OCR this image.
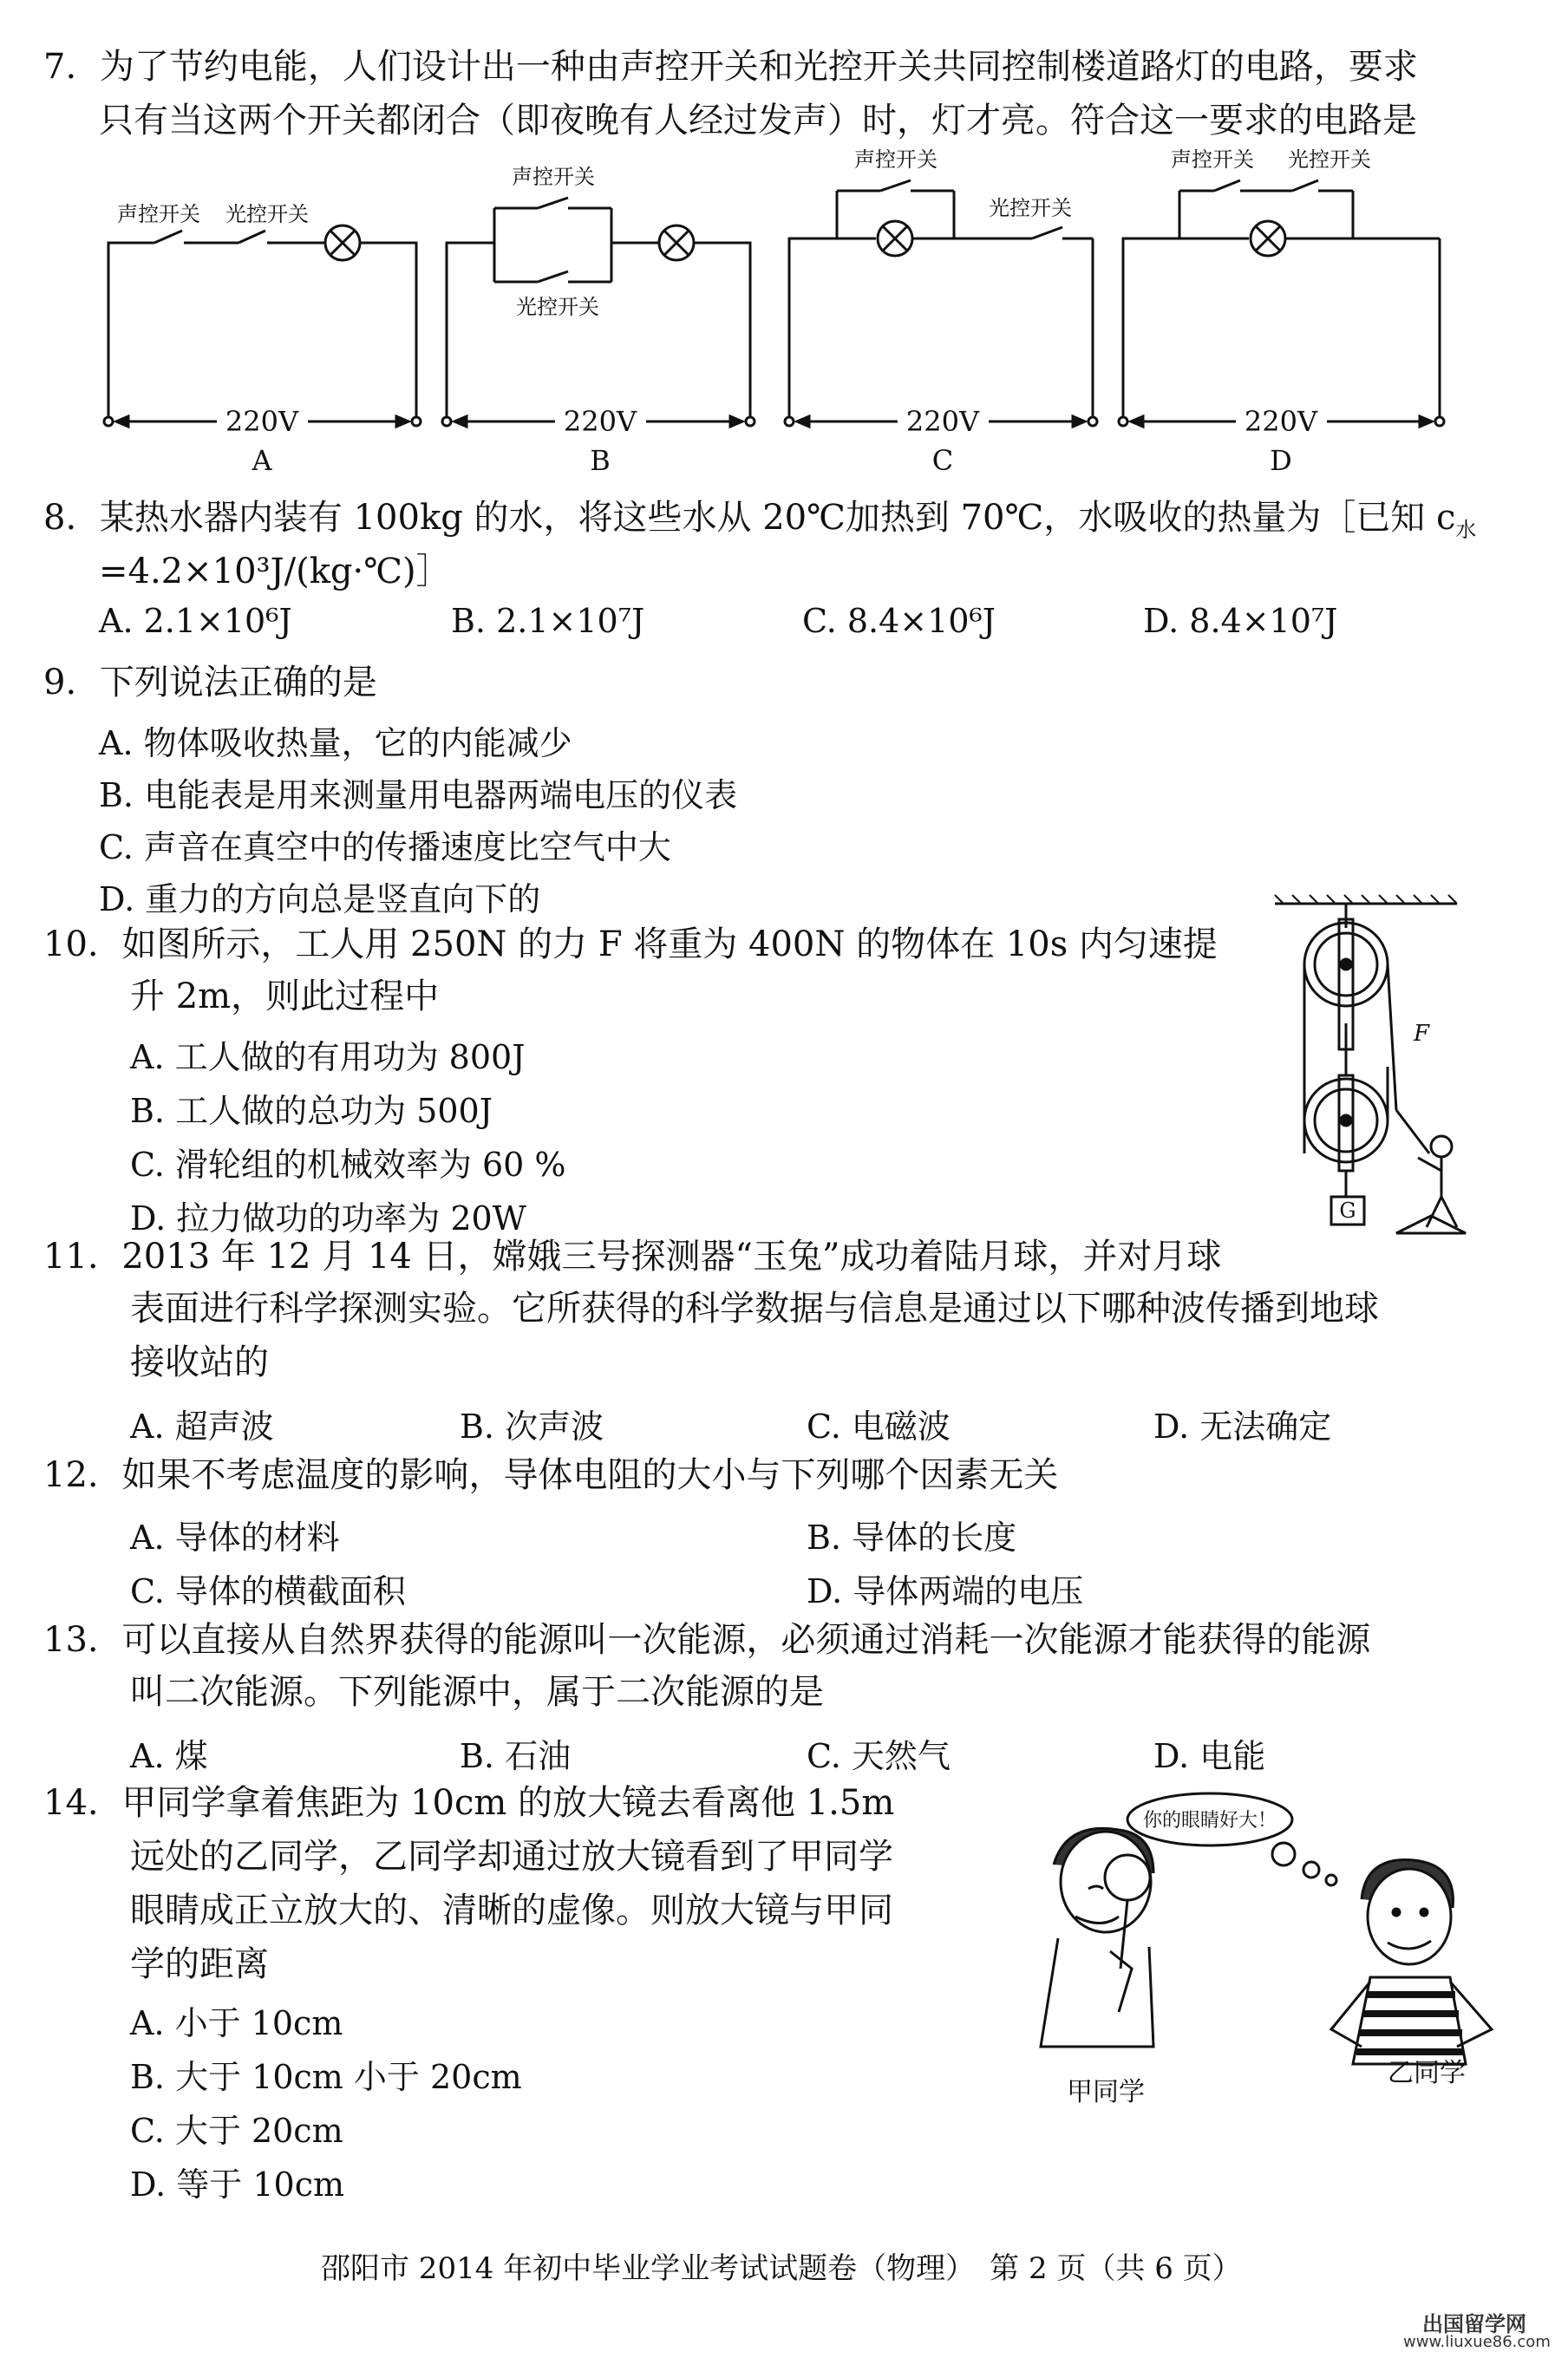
7. 为了节约电能，人们设计出一种由声控开关和光控开关共同控制楼道路灯的电路，要求
只有当这两个开关都闭合（即夜晚有人经过发声）时，灯才亮。符合这一要求的电路是
声控开关 光控开关
声控开关
光控开关
声控开关
光控开关
声控开关 光控开关
220V	220V	220V	220V
A	B	C	D
8. 某热水器内装有 100kg 的水，将这些水从 20℃加热到 70℃，水吸收的热量为［已知 $c_水$
=4.2×10³J/(kg·℃)］
A. 2.1×10⁶J	B. 2.1×10⁷J	C. 8.4×10⁶J	D. 8.4×10⁷J
9. 下列说法正确的是
A. 物体吸收热量，它的内能减少
B. 电能表是用来测量用电器两端电压的仪表
C. 声音在真空中的传播速度比空气中大
D. 重力的方向总是竖直向下的
10. 如图所示，工人用 250N 的力 F 将重为 400N 的物体在 10s 内匀速提
升 2m，则此过程中
A. 工人做的有用功为 800J
B. 工人做的总功为 500J
C. 滑轮组的机械效率为 60 %
D. 拉力做功的功率为 20W
F
G
11. 2013 年 12 月 14 日，嫦娥三号探测器“玉兔”成功着陆月球，并对月球
表面进行科学探测实验。它所获得的科学数据与信息是通过以下哪种波传播到地球
接收站的
A. 超声波	B. 次声波	C. 电磁波	D. 无法确定
12. 如果不考虑温度的影响，导体电阻的大小与下列哪个因素无关
A. 导体的材料	B. 导体的长度
C. 导体的横截面积	D. 导体两端的电压
13. 可以直接从自然界获得的能源叫一次能源，必须通过消耗一次能源才能获得的能源
叫二次能源。下列能源中，属于二次能源的是
A. 煤	B. 石油	C. 天然气	D. 电能
14. 甲同学拿着焦距为 10cm 的放大镜去看离他 1.5m
远处的乙同学，乙同学却通过放大镜看到了甲同学
眼睛成正立放大的、清晰的虚像。则放大镜与甲同
学的距离
A. 小于 10cm
B. 大于 10cm 小于 20cm
C. 大于 20cm
D. 等于 10cm
你的眼睛好大！
甲同学
乙同学
邵阳市 2014 年初中毕业学业考试试题卷（物理）　第 2 页（共 6 页）
出国留学网
www.liuxue86.com
